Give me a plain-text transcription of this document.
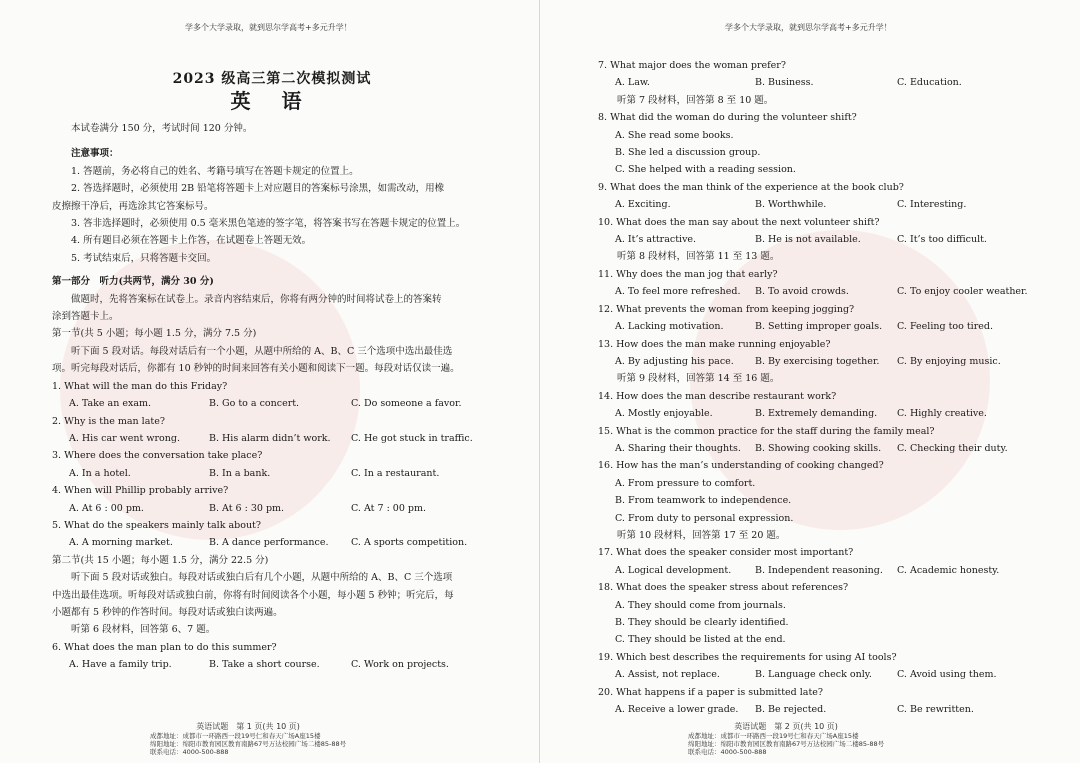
学多个大学录取，就到思尔学高考+多元升学！
2023 级高三第二次模拟测试
英 语

本试卷满分 150 分，考试时间 120 分钟。

注意事项：

1. 答题前，务必将自己的姓名、考籍号填写在答题卡规定的位置上。

2. 答选择题时，必须使用 2B 铅笔将答题卡上对应题目的答案标号涂黑，如需改动，用橡

皮擦擦干净后，再选涂其它答案标号。

3. 答非选择题时，必须使用 0.5 毫米黑色笔迹的签字笔，将答案书写在答题卡规定的位置上。

4. 所有题目必须在答题卡上作答，在试题卷上答题无效。

5. 考试结束后，只将答题卡交回。

第一部分　听力(共两节，满分 30 分)

做题时，先将答案标在试卷上。录音内容结束后，你将有两分钟的时间将试卷上的答案转

涂到答题卡上。

第一节(共 5 小题；每小题 1.5 分，满分 7.5 分)

听下面 5 段对话。每段对话后有一个小题，从题中所给的 A、B、C 三个选项中选出最佳选

项。听完每段对话后，你都有 10 秒钟的时间来回答有关小题和阅读下一题。每段对话仅读一遍。

1. What will the man do this Friday?

A. Take an exam.	B. Go to a concert.	C. Do someone a favor.

2. Why is the man late?

A. His car went wrong.	B. His alarm didn’t work.	C. He got stuck in traffic.

3. Where does the conversation take place?

A. In a hotel.	B. In a bank.	C. In a restaurant.

4. When will Phillip probably arrive?

A. At 6 : 00 pm.	B. At 6 : 30 pm.	C. At 7 : 00 pm.

5. What do the speakers mainly talk about?

A. A morning market.	B. A dance performance.	C. A sports competition.

第二节(共 15 小题；每小题 1.5 分，满分 22.5 分)

听下面 5 段对话或独白。每段对话或独白后有几个小题，从题中所给的 A、B、C 三个选项

中选出最佳选项。听每段对话或独白前，你将有时间阅读各个小题，每小题 5 秒钟；听完后，每

小题都有 5 秒钟的作答时间。每段对话或独白读两遍。

听第 6 段材料，回答第 6、7 题。

6. What does the man plan to do this summer?

A. Have a family trip.	B. Take a short course.	C. Work on projects.
英语试题　第 1 页(共 10 页)
成都地址：成都市一环路西一段19号仁和春天广场A座15楼
绵阳地址：绵阳市教育园区教育南路67号万达校园广场二楼85-88号
联系电话：4000-500-888
学多个大学录取，就到思尔学高考+多元升学！
7. What major does the woman prefer?
A. Law.	B. Business.	C. Education.
听第 7 段材料，回答第 8 至 10 题。
8. What did the woman do during the volunteer shift?
A. She read some books.
B. She led a discussion group.
C. She helped with a reading session.
9. What does the man think of the experience at the book club?
A. Exciting.	B. Worthwhile.	C. Interesting.
10. What does the man say about the next volunteer shift?
A. It’s attractive.	B. He is not available.	C. It’s too difficult.
听第 8 段材料，回答第 11 至 13 题。
11. Why does the man jog that early?
A. To feel more refreshed.	B. To avoid crowds.	C. To enjoy cooler weather.
12. What prevents the woman from keeping jogging?
A. Lacking motivation.	B. Setting improper goals.	C. Feeling too tired.
13. How does the man make running enjoyable?
A. By adjusting his pace.	B. By exercising together.	C. By enjoying music.
听第 9 段材料，回答第 14 至 16 题。
14. How does the man describe restaurant work?
A. Mostly enjoyable.	B. Extremely demanding.	C. Highly creative.
15. What is the common practice for the staff during the family meal?
A. Sharing their thoughts.	B. Showing cooking skills.	C. Checking their duty.
16. How has the man’s understanding of cooking changed?
A. From pressure to comfort.
B. From teamwork to independence.
C. From duty to personal expression.
听第 10 段材料，回答第 17 至 20 题。
17. What does the speaker consider most important?
A. Logical development.	B. Independent reasoning.	C. Academic honesty.
18. What does the speaker stress about references?
A. They should come from journals.
B. They should be clearly identified.
C. They should be listed at the end.
19. Which best describes the requirements for using AI tools?
A. Assist, not replace.	B. Language check only.	C. Avoid using them.
20. What happens if a paper is submitted late?
A. Receive a lower grade.	B. Be rejected.	C. Be rewritten.
英语试题　第 2 页(共 10 页)
成都地址：成都市一环路西一段19号仁和春天广场A座15楼
绵阳地址：绵阳市教育园区教育南路67号万达校园广场二楼85-88号
联系电话：4000-500-888
